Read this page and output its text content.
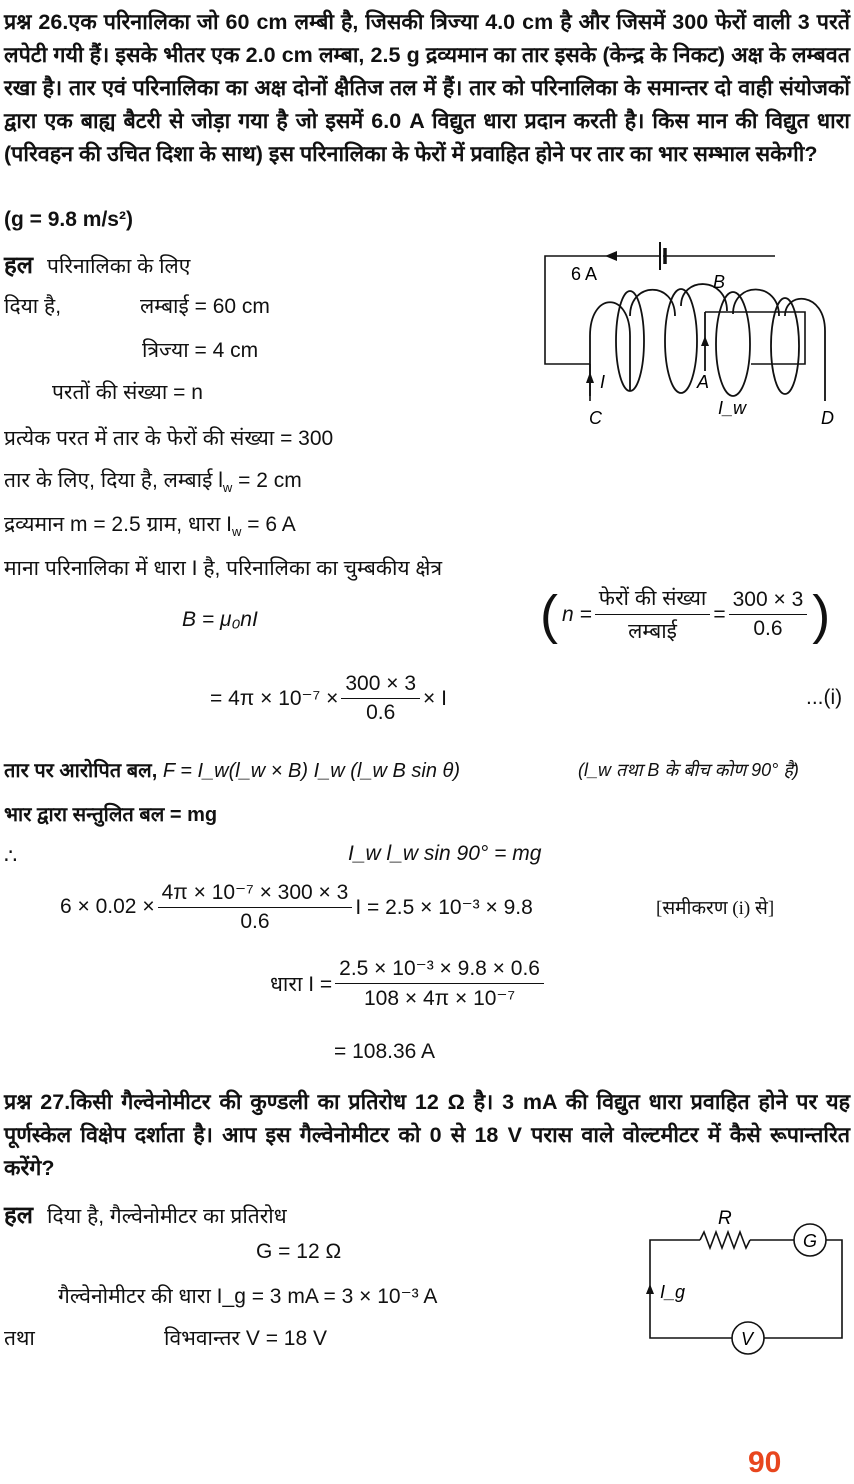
प्रश्न 26.एक परिनालिका जो 60 cm लम्बी है, जिसकी त्रिज्या 4.0 cm है और जिसमें 300 फेरों वाली 3 परतें लपेटी गयी हैं। इसके भीतर एक 2.0 cm लम्बा, 2.5 g द्रव्यमान का तार इसके (केन्द्र के निकट) अक्ष के लम्बवत रखा है। तार एवं परिनालिका का अक्ष दोनों क्षैतिज तल में हैं। तार को परिनालिका के समान्तर दो वाही संयोजकों द्वारा एक बाह्य बैटरी से जोड़ा गया है जो इसमें 6.0 A विद्युत धारा प्रदान करती है। किस मान की विद्युत धारा (परिवहन की उचित दिशा के साथ) इस परिनालिका के फेरों में प्रवाहित होने पर तार का भार सम्भाल सकेगी?
(g = 9.8 m/s²)
हल परिनालिका के लिए
दिया है,	लम्बाई = 60 cm
त्रिज्या = 4 cm
परतों की संख्या = n
प्रत्येक परत में तार के फेरों की संख्या = 300
तार के लिए, दिया है, लम्बाई $l_w = 2$ cm
द्रव्यमान m = 2.5 ग्राम, धारा $I_w = 6$ A
माना परिनालिका में धारा I है, परिनालिका का चुम्बकीय क्षेत्र
6 A	B
I	A
I_w
C	D
B = μ₀nI	( $n = \frac{\text{फेरों की संख्या}}{\text{लम्बाई}} = \frac{300 \times 3}{0.6}$ )
= $4\pi \times 10^{-7} \times \frac{300 \times 3}{0.6} \times I$	...(i)
तार पर आरोपित बल, F = I_w(l_w × B) I_w (l_w B sin θ)	(l_w तथा B के बीच कोण 90° है)
भार द्वारा सन्तुलित बल = mg
∴	I_w l_w sin 90° = mg
$6 \times 0.02 \times \frac{\text{4π × 10⁻⁷ × 300 × 3}}{0.6}$ I = 2.5 × 10⁻³ × 9.8	[समीकरण (i) से]
धारा $I = \frac{\text{2.5 × 10⁻³ × 9.8 × 0.6}}{\text{108 × 4π × 10⁻⁷}}$
= 108.36 A
प्रश्न 27.किसी गैल्वेनोमीटर की कुण्डली का प्रतिरोध 12 Ω है। 3 mA की विद्युत धारा प्रवाहित होने पर यह पूर्णस्केल विक्षेप दर्शाता है। आप इस गैल्वेनोमीटर को 0 से 18 V परास वाले वोल्टमीटर में कैसे रूपान्तरित करेंगे?
हल दिया है, गैल्वेनोमीटर का प्रतिरोध
G = 12 Ω
गैल्वेनोमीटर की धारा I_g = 3 mA = 3 × 10⁻³ A
तथा	विभवान्तर V = 18 V
R
G
V
I_g
90
